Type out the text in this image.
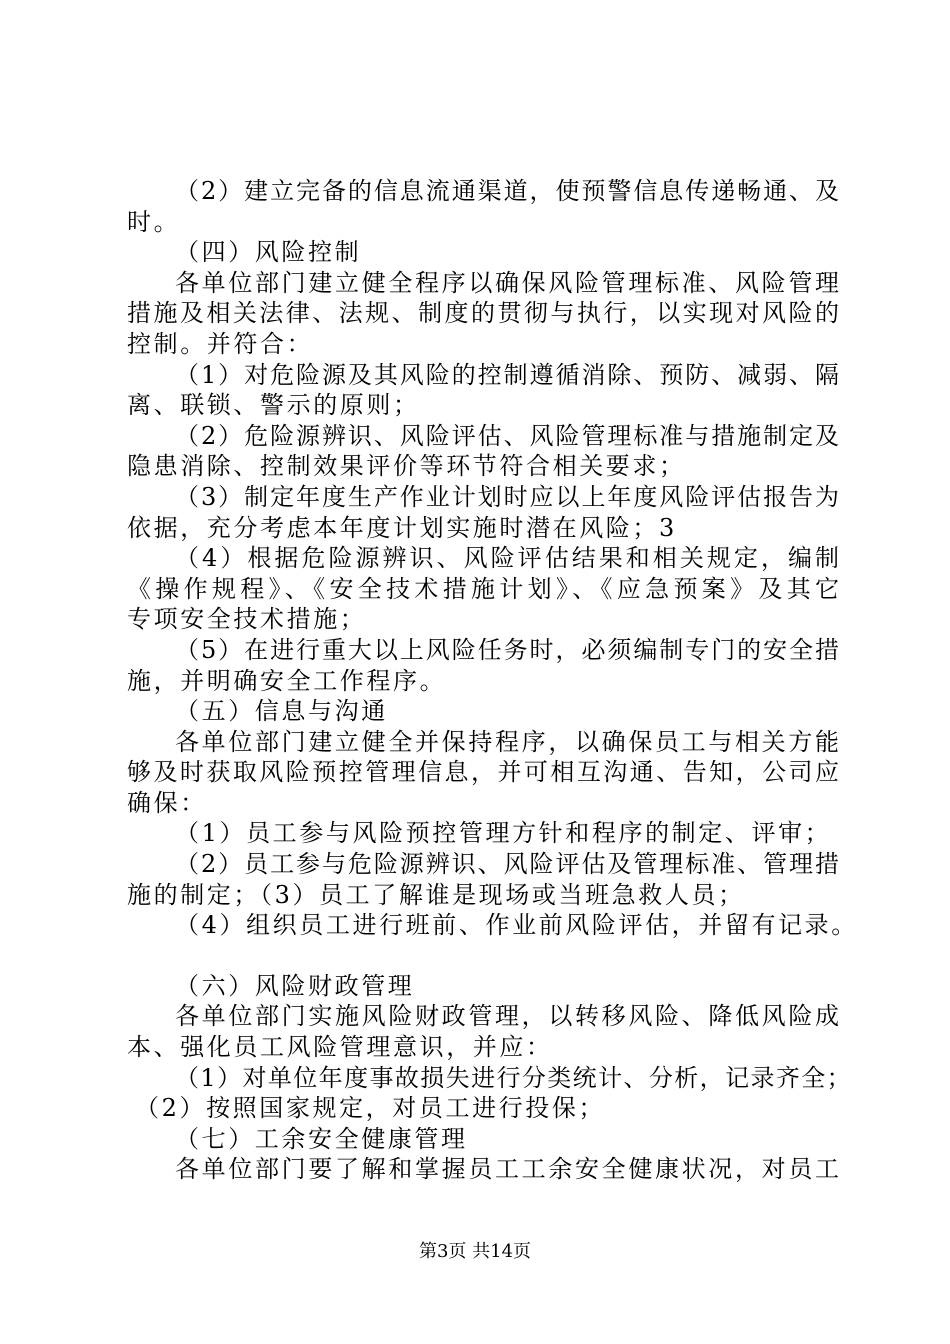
（2）建立完备的信息流通渠道，使预警信息传递畅通、及
时。
（四）风险控制
各单位部门建立健全程序以确保风险管理标准、风险管理
措施及相关法律、法规、制度的贯彻与执行，以实现对风险的
控制。并符合：
（1）对危险源及其风险的控制遵循消除、预防、减弱、隔
离、联锁、警示的原则；
（2）危险源辨识、风险评估、风险管理标准与措施制定及
隐患消除、控制效果评价等环节符合相关要求；
（3）制定年度生产作业计划时应以上年度风险评估报告为
依据，充分考虑本年度计划实施时潜在风险；3
（4）根据危险源辨识、风险评估结果和相关规定，编制
《操作规程》、《安全技术措施计划》、《应急预案》及其它
专项安全技术措施；
（5）在进行重大以上风险任务时，必须编制专门的安全措
施，并明确安全工作程序。
（五）信息与沟通
各单位部门建立健全并保持程序，以确保员工与相关方能
够及时获取风险预控管理信息，并可相互沟通、告知，公司应
确保：
（1）员工参与风险预控管理方针和程序的制定、评审；
（2）员工参与危险源辨识、风险评估及管理标准、管理措
施的制定；（3）员工了解谁是现场或当班急救人员；
（4）组织员工进行班前、作业前风险评估，并留有记录。
（六）风险财政管理
各单位部门实施风险财政管理，以转移风险、降低风险成
本、强化员工风险管理意识，并应：
（1）对单位年度事故损失进行分类统计、分析，记录齐全；
（2）按照国家规定，对员工进行投保；
（七）工余安全健康管理
各单位部门要了解和掌握员工工余安全健康状况，对员工
第3页 共14页
